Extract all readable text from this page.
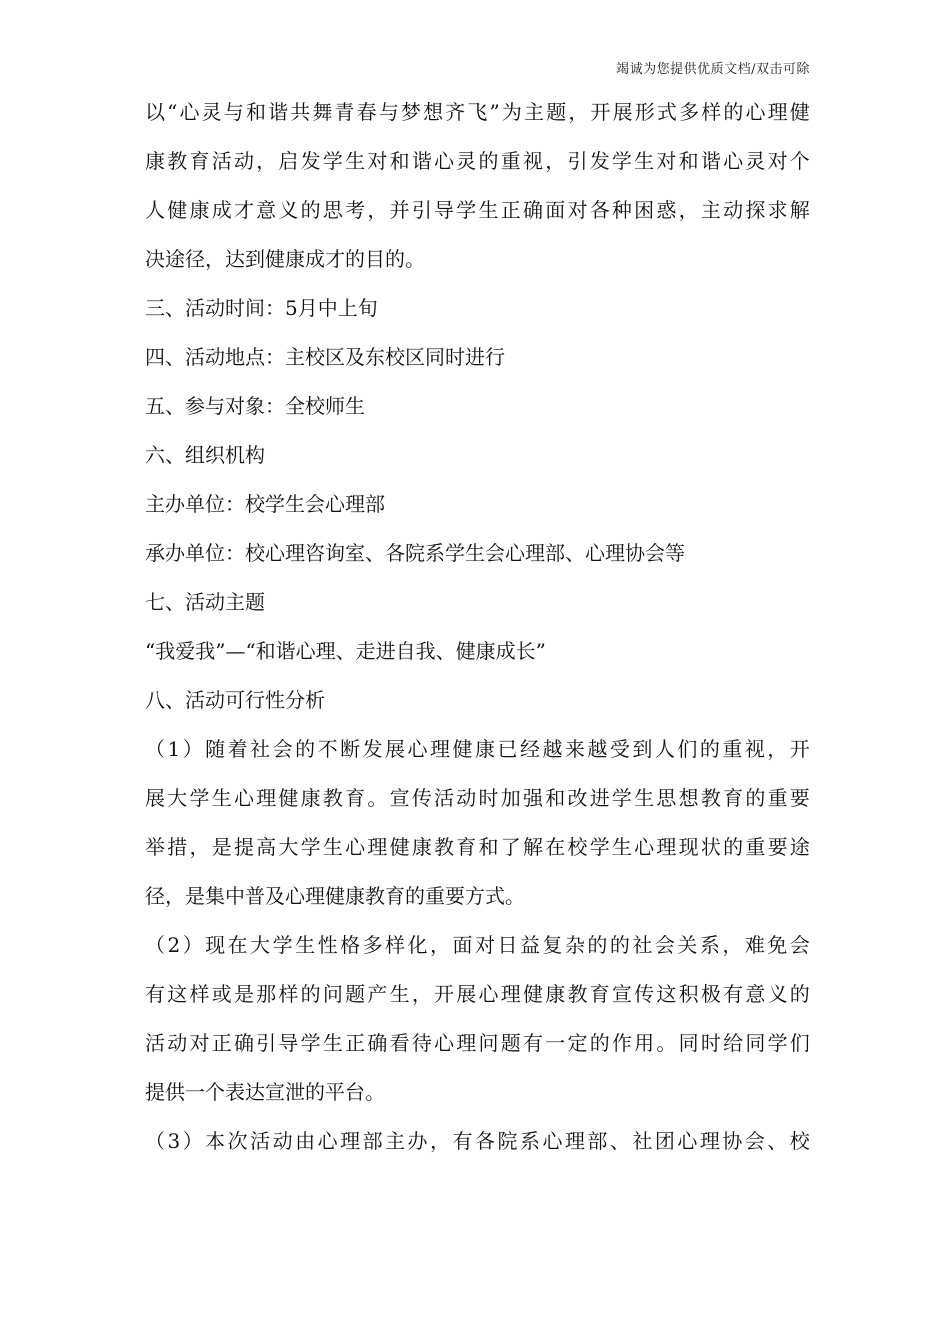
竭诚为您提供优质文档/双击可除

以“心灵与和谐共舞青春与梦想齐飞”为主题，开展形式多样的心理健

康教育活动，启发学生对和谐心灵的重视，引发学生对和谐心灵对个

人健康成才意义的思考，并引导学生正确面对各种困惑，主动探求解

决途径，达到健康成才的目的。

三、活动时间：5月中上旬

四、活动地点：主校区及东校区同时进行

五、参与对象：全校师生

六、组织机构

主办单位：校学生会心理部

承办单位：校心理咨询室、各院系学生会心理部、心理协会等

七、活动主题

“我爱我”—“和谐心理、走进自我、健康成长”

八、活动可行性分析

（1）随着社会的不断发展心理健康已经越来越受到人们的重视，开

展大学生心理健康教育。宣传活动时加强和改进学生思想教育的重要

举措，是提高大学生心理健康教育和了解在校学生心理现状的重要途

径，是集中普及心理健康教育的重要方式。

（2）现在大学生性格多样化，面对日益复杂的的社会关系，难免会

有这样或是那样的问题产生，开展心理健康教育宣传这积极有意义的

活动对正确引导学生正确看待心理问题有一定的作用。同时给同学们

提供一个表达宣泄的平台。

（3）本次活动由心理部主办，有各院系心理部、社团心理协会、校
